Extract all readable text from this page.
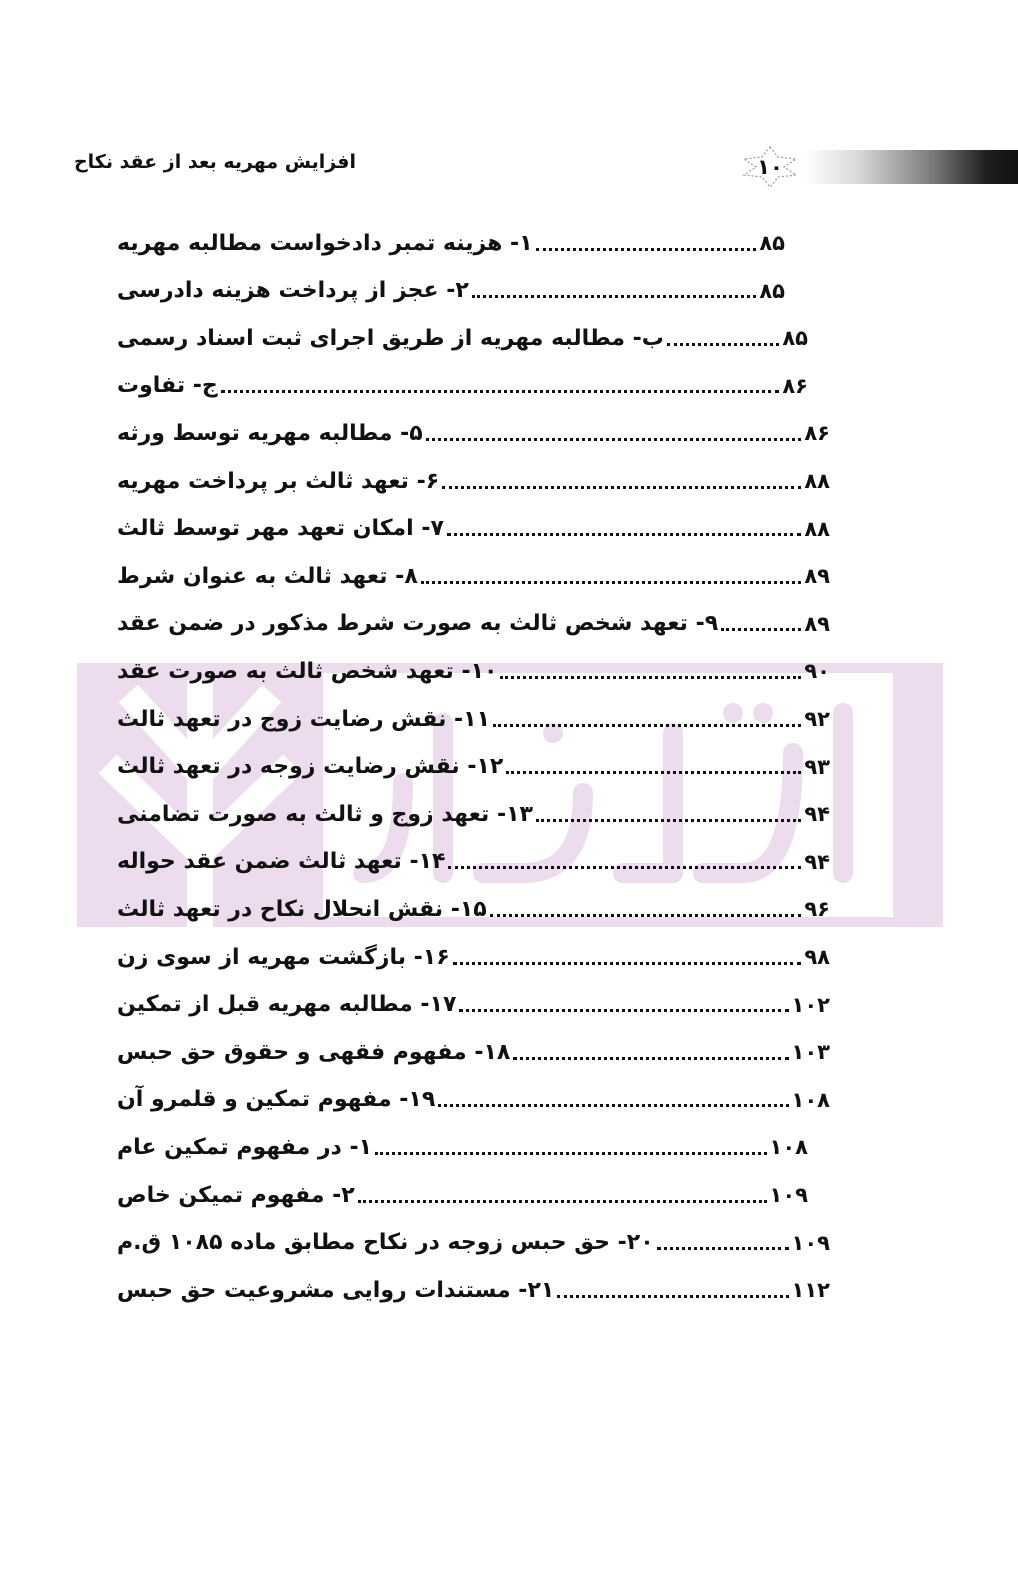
۱۰
افزایش مهریه بعد از عقد نکاح
۱- هزینه تمبر دادخواست مطالبه مهریه	۸۵
۲- عجز از پرداخت هزینه دادرسی	۸۵
ب- مطالبه مهریه از طریق اجرای ثبت اسناد رسمی	۸۵
ج- تفاوت	۸۶
۵- مطالبه مهریه توسط ورثه	۸۶
۶- تعهد ثالث بر پرداخت مهریه	۸۸
۷- امکان تعهد مهر توسط ثالث	۸۸
۸- تعهد ثالث به عنوان شرط	۸۹
۹- تعهد شخص ثالث به صورت شرط مذکور در ضمن عقد	۸۹
۱۰- تعهد شخص ثالث به صورت عقد	۹۰
۱۱- نقش رضایت زوج در تعهد ثالث	۹۲
۱۲- نقش رضایت زوجه در تعهد ثالث	۹۳
۱۳- تعهد زوج و ثالث به صورت تضامنی	۹۴
۱۴- تعهد ثالث ضمن عقد حواله	۹۴
۱۵- نقش انحلال نکاح در تعهد ثالث	۹۶
۱۶- بازگشت مهریه از سوی زن	۹۸
۱۷- مطالبه مهریه قبل از تمکین	۱۰۲
۱۸- مفهوم فقهی و حقوق حق حبس	۱۰۳
۱۹- مفهوم تمکین و قلمرو آن	۱۰۸
۱- در مفهوم تمکین عام	۱۰۸
۲- مفهوم تمیکن خاص	۱۰۹
۲۰- حق حبس زوجه در نکاح مطابق ماده ۱۰۸۵ ق.م	۱۰۹
۲۱- مستندات روایی مشروعیت حق حبس	۱۱۲
